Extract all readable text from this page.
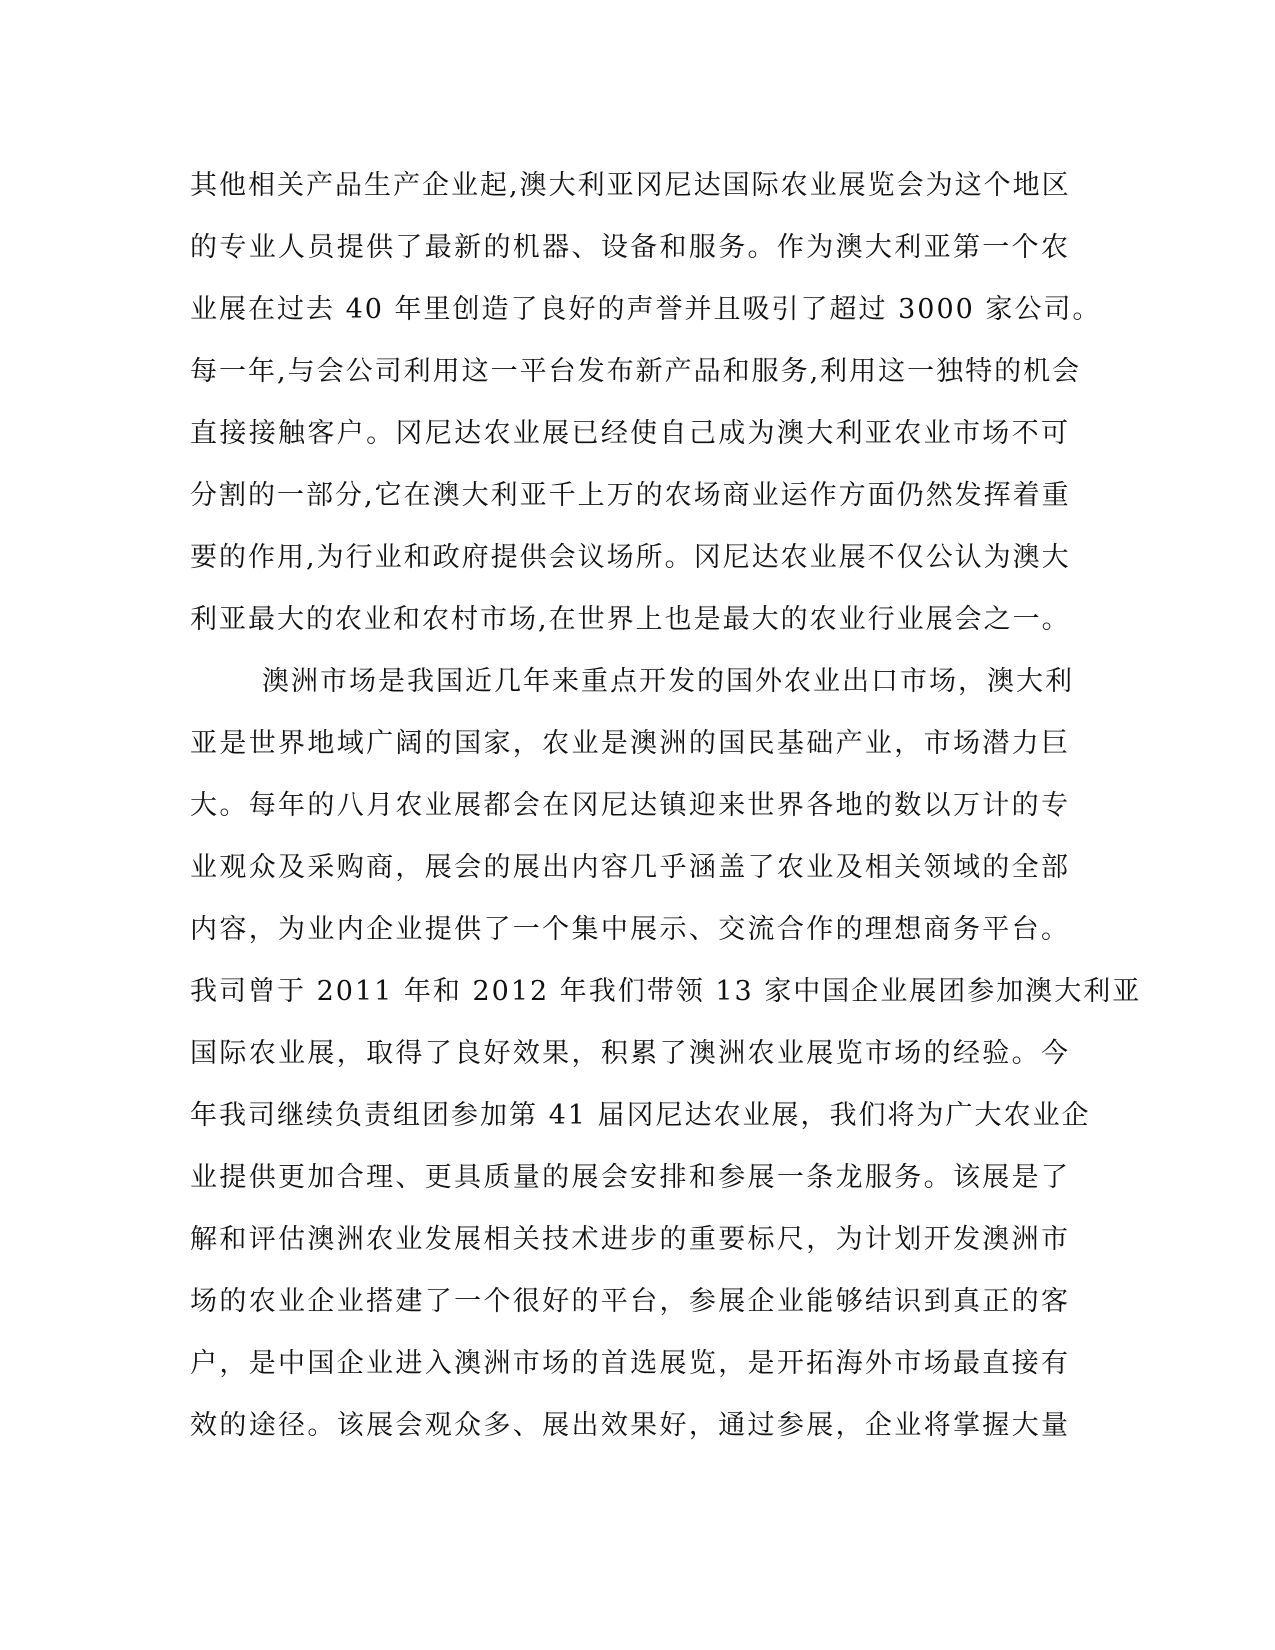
其他相关产品生产企业起,澳大利亚冈尼达国际农业展览会为这个地区
的专业人员提供了最新的机器、设备和服务。作为澳大利亚第一个农
业展在过去 40 年里创造了良好的声誉并且吸引了超过 3000 家公司。
每一年,与会公司利用这一平台发布新产品和服务,利用这一独特的机会
直接接触客户。冈尼达农业展已经使自己成为澳大利亚农业市场不可
分割的一部分,它在澳大利亚千上万的农场商业运作方面仍然发挥着重
要的作用,为行业和政府提供会议场所。冈尼达农业展不仅公认为澳大
利亚最大的农业和农村市场,在世界上也是最大的农业行业展会之一。
澳洲市场是我国近几年来重点开发的国外农业出口市场，澳大利
亚是世界地域广阔的国家，农业是澳洲的国民基础产业，市场潜力巨
大。每年的八月农业展都会在冈尼达镇迎来世界各地的数以万计的专
业观众及采购商，展会的展出内容几乎涵盖了农业及相关领域的全部
内容，为业内企业提供了一个集中展示、交流合作的理想商务平台。
我司曾于 2011 年和 2012 年我们带领 13 家中国企业展团参加澳大利亚
国际农业展，取得了良好效果，积累了澳洲农业展览市场的经验。今
年我司继续负责组团参加第 41 届冈尼达农业展，我们将为广大农业企
业提供更加合理、更具质量的展会安排和参展一条龙服务。该展是了
解和评估澳洲农业发展相关技术进步的重要标尺，为计划开发澳洲市
场的农业企业搭建了一个很好的平台，参展企业能够结识到真正的客
户，是中国企业进入澳洲市场的首选展览，是开拓海外市场最直接有
效的途径。该展会观众多、展出效果好，通过参展，企业将掌握大量
